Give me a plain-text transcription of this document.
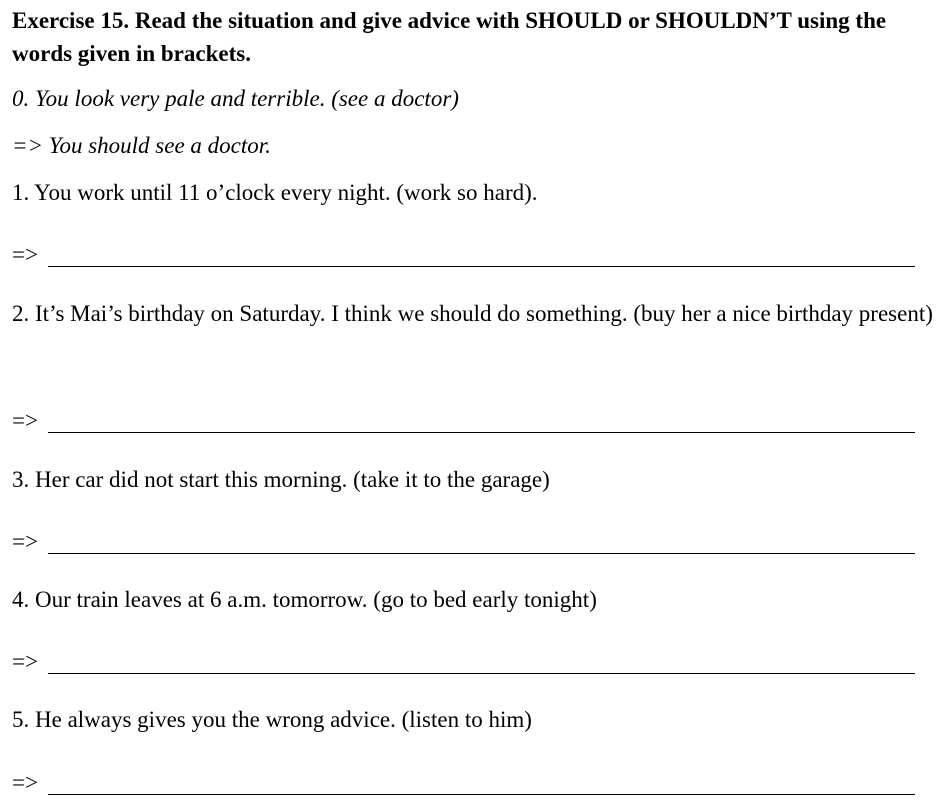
Exercise 15. Read the situation and give advice with SHOULD or SHOULDN’T using the words given in brackets.

0. You look very pale and terrible. (see a doctor)
=> You should see a doctor.
1. You work until 11 o’clock every night. (work so hard).
=>
2. It’s Mai’s birthday on Saturday. I think we should do something. (buy her a nice birthday present)
=>
3. Her car did not start this morning. (take it to the garage)
=>
4. Our train leaves at 6 a.m. tomorrow. (go to bed early tonight)
=>
5. He always gives you the wrong advice. (listen to him)
=>
